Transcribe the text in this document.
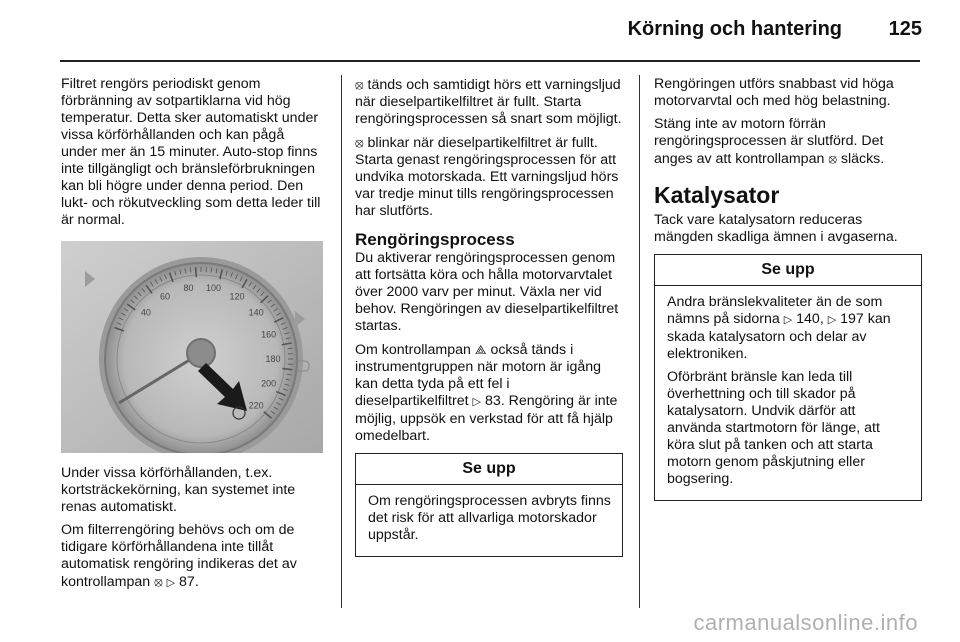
Körning och hantering 125

Filtret rengörs periodiskt genom förbränning av sotpartiklarna vid hög temperatur. Detta sker automatiskt under vissa körförhållanden och kan pågå under mer än 15 minuter. Auto-stop finns inte tillgängligt och bränsleförbrukningen kan bli högre under denna period. Den lukt- och rökutveckling som detta leder till är normal.

40
60
80 100
120
140
160
180
200
220

Under vissa körförhållanden, t.ex. kortsträckekörning, kan systemet inte renas automatiskt.

Om filterrengöring behövs och om de tidigare körförhållandena inte tillåt automatisk rengöring indikeras det av kontrollampan ⦻ ▷ 87.

⦻ tänds och samtidigt hörs ett varningsljud när dieselpartikelfiltret är fullt. Starta rengöringsprocessen så snart som möjligt.

⦻ blinkar när dieselpartikelfiltret är fullt. Starta genast rengöringsprocessen för att undvika motorskada. Ett varningsljud hörs var tredje minut tills rengöringsprocessen har slutförts.

Rengöringsprocess

Du aktiverar rengöringsprocessen genom att fortsätta köra och hålla motorvarvtalet över 2000 varv per minut. Växla ner vid behov. Rengöringen av dieselpartikelfiltret startas.

Om kontrollampan ⟁ också tänds i instrumentgruppen när motorn är igång kan detta tyda på ett fel i dieselpartikelfiltret ▷ 83. Rengöring är inte möjlig, uppsök en verkstad för att få hjälp omedelbart.

Se upp

Om rengöringsprocessen avbryts finns det risk för att allvarliga motorskador uppstår.

Rengöringen utförs snabbast vid höga motorvarvtal och med hög belastning.

Stäng inte av motorn förrän rengöringsprocessen är slutförd. Det anges av att kontrollampan ⦻ släcks.

Katalysator

Tack vare katalysatorn reduceras mängden skadliga ämnen i avgaserna.

Se upp

Andra bränslekvaliteter än de som nämns på sidorna ▷ 140, ▷ 197 kan skada katalysatorn och delar av elektroniken.

Oförbränt bränsle kan leda till överhettning och till skador på katalysatorn. Undvik därför att använda startmotorn för länge, att köra slut på tanken och att starta motorn genom påskjutning eller bogsering.

carmanualsonline.info
